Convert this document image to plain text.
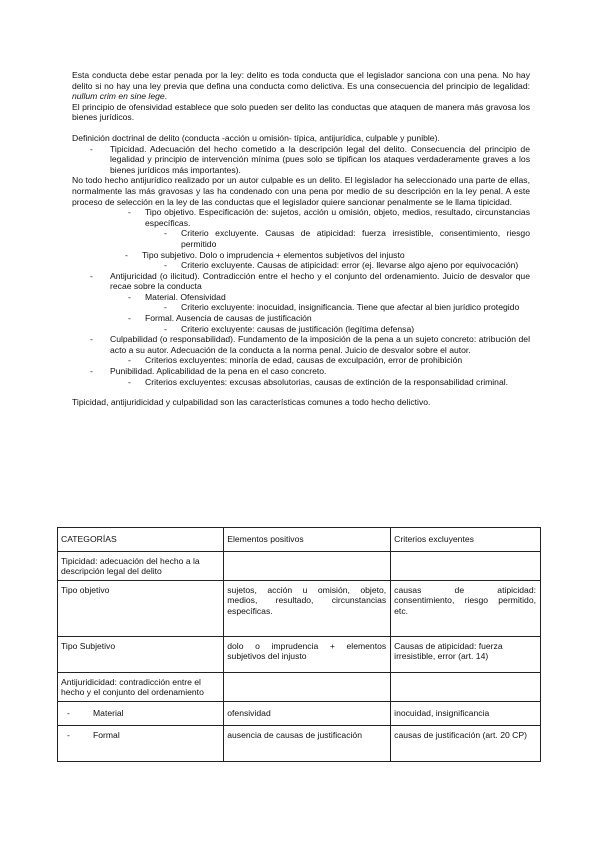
Esta conducta debe estar penada por la ley: delito es toda conducta que el legislador sanciona con una pena. No hay delito si no hay una ley previa que defina una conducta como delictiva. Es una consecuencia del principio de legalidad: nullum crim en sine lege.

El principio de ofensividad establece que solo pueden ser delito las conductas que ataquen de manera más gravosa los bienes jurídicos.

Definición doctrinal de delito (conducta -acción u omisión- típica, antijurídica, culpable y punible).

-	Tipicidad. Adecuación del hecho cometido a la descripción legal del delito. Consecuencia del principio de legalidad y principio de intervención mínima (pues solo se tipifican los ataques verdaderamente graves a los bienes jurídicos más importantes).

No todo hecho antijurídico realizado por un autor culpable es un delito. El legislador ha seleccionado una parte de ellas, normalmente las más gravosas y las ha condenado con una pena por medio de su descripción en la ley penal. A este proceso de selección en la ley de las conductas que el legislador quiere sancionar penalmente se le llama tipicidad.

-	Tipo objetivo. Especificación de: sujetos, acción u omisión, objeto, medios, resultado, circunstancias específicas.
-	Criterio excluyente. Causas de atipicidad: fuerza irresistible, consentimiento, riesgo permitido
-	Tipo subjetivo. Dolo o imprudencia + elementos subjetivos del injusto
-	Criterio excluyente. Causas de atipicidad: error (ej. llevarse algo ajeno por equivocación)
-	Antijuricidad (o ilicitud). Contradicción entre el hecho y el conjunto del ordenamiento. Juicio de desvalor que recae sobre la conducta
-	Material. Ofensividad
-	Criterio excluyente: inocuidad, insignificancia. Tiene que afectar al bien jurídico protegido
-	Formal. Ausencia de causas de justificación
-	Criterio excluyente: causas de justificación (legítima defensa)
-	Culpabilidad (o responsabilidad). Fundamento de la imposición de la pena a un sujeto concreto: atribución del acto a su autor. Adecuación de la conducta a la norma penal. Juicio de desvalor sobre el autor.
-	Criterios excluyentes: minoría de edad, causas de exculpación, error de prohibición
-	Punibilidad. Aplicabilidad de la pena en el caso concreto.
-	Criterios excluyentes: excusas absolutorias, causas de extinción de la responsabilidad criminal.

Tipicidad, antijuridicidad y culpabilidad son las características comunes a todo hecho delictivo.

CATEGORÍAS	Elementos positivos	Criterios excluyentes
Tipicidad: adecuación del hecho a la descripción legal del delito		
Tipo objetivo	sujetos, acción u omisión, objeto, medios, resultado, circunstancias específicas.	causas de atipicidad: consentimiento, riesgo permitido, etc.
Tipo Subjetivo	dolo o imprudencia + elementos subjetivos del injusto	Causas de atipicidad: fuerza irresistible, error (art. 14)
Antijuridicidad: contradicción entre el hecho y el conjunto del ordenamiento		

- Material	ofensividad	inocuidad, insignificancia

- Formal	ausencia de causas de justificación	causas de justificación (art. 20 CP)
